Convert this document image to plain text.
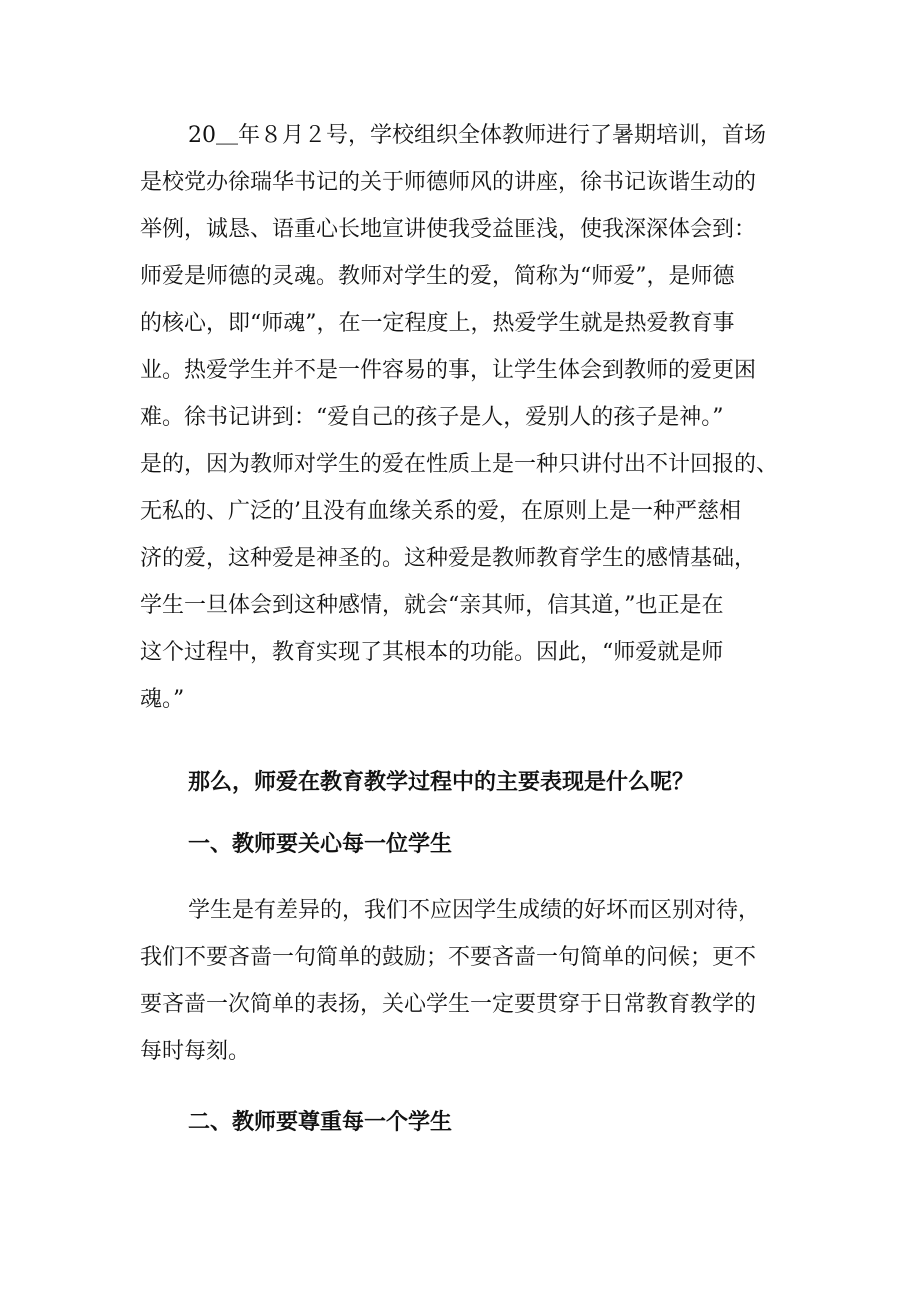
20＿年８月２号，学校组织全体教师进行了暑期培训，首场
是校党办徐瑞华书记的关于师德师风的讲座，徐书记诙谐生动的
举例，诚恳、语重心长地宣讲使我受益匪浅，使我深深体会到：
师爱是师德的灵魂。教师对学生的爱，简称为“师爱”，是师德
的核心，即“师魂”，在一定程度上，热爱学生就是热爱教育事
业。热爱学生并不是一件容易的事，让学生体会到教师的爱更困
难。徐书记讲到：“爱自己的孩子是人，爱别人的孩子是神。”
是的，因为教师对学生的爱在性质上是一种只讲付出不计回报的、
无私的、广泛的’且没有血缘关系的爱，在原则上是一种严慈相
济的爱，这种爱是神圣的。这种爱是教师教育学生的感情基础，
学生一旦体会到这种感情，就会“亲其师，信其道，”也正是在
这个过程中，教育实现了其根本的功能。因此，“师爱就是师
魂。”
那么，师爱在教育教学过程中的主要表现是什么呢？
一、教师要关心每一位学生
学生是有差异的，我们不应因学生成绩的好坏而区别对待，
我们不要吝啬一句简单的鼓励；不要吝啬一句简单的问候；更不
要吝啬一次简单的表扬，关心学生一定要贯穿于日常教育教学的
每时每刻。
二、教师要尊重每一个学生
